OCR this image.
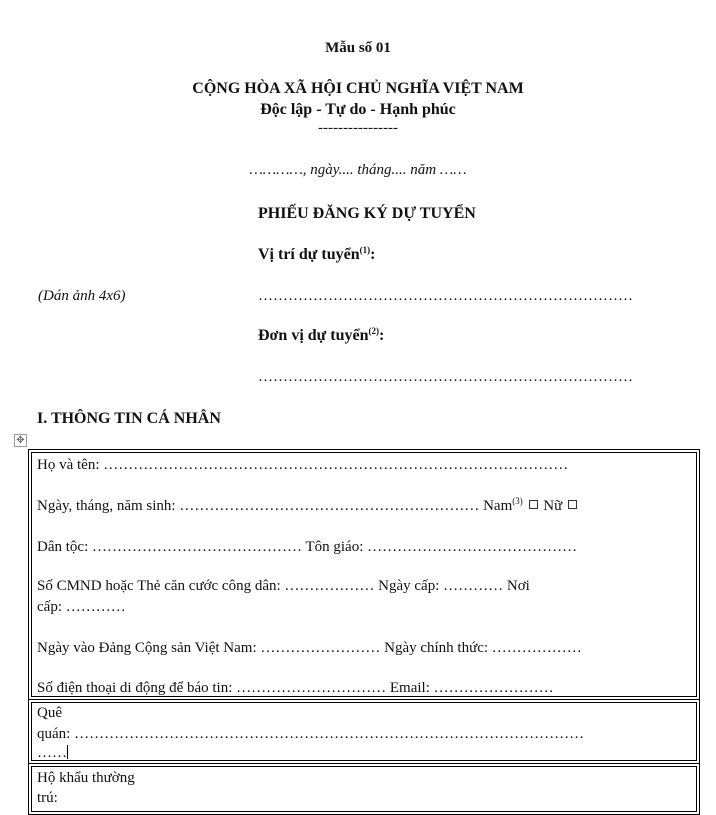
Mẫu số 01
CỘNG HÒA XÃ HỘI CHỦ NGHĨA VIỆT NAM
Độc lập - Tự do - Hạnh phúc
----------------
…………, ngày.... tháng.... năm ……
PHIẾU ĐĂNG KÝ DỰ TUYỂN
Vị trí dự tuyển$^{(1)}$:
(Dán ảnh 4x6)	…………………………………………………………………
Đơn vị dự tuyển$^{(2)}$:
…………………………………………………………………
I. THÔNG TIN CÁ NHÂN
✥
Họ và tên: …………………………………………………………………………………
Ngày, tháng, năm sinh: …………………………………………………… Nam$^{(3)}$ Nữ
Dân tộc: …………………………………… Tôn giáo: ……………………………………
Số CMND hoặc Thẻ căn cước công dân: ……………… Ngày cấp: ………… Nơi
cấp: …………
Ngày vào Đảng Cộng sản Việt Nam: …………………… Ngày chính thức: ………………
Số điện thoại di động để báo tin: ………………………… Email: ……………………
Quê
quán: …………………………………………………………………………………………
……
Hộ khẩu thường
trú:
